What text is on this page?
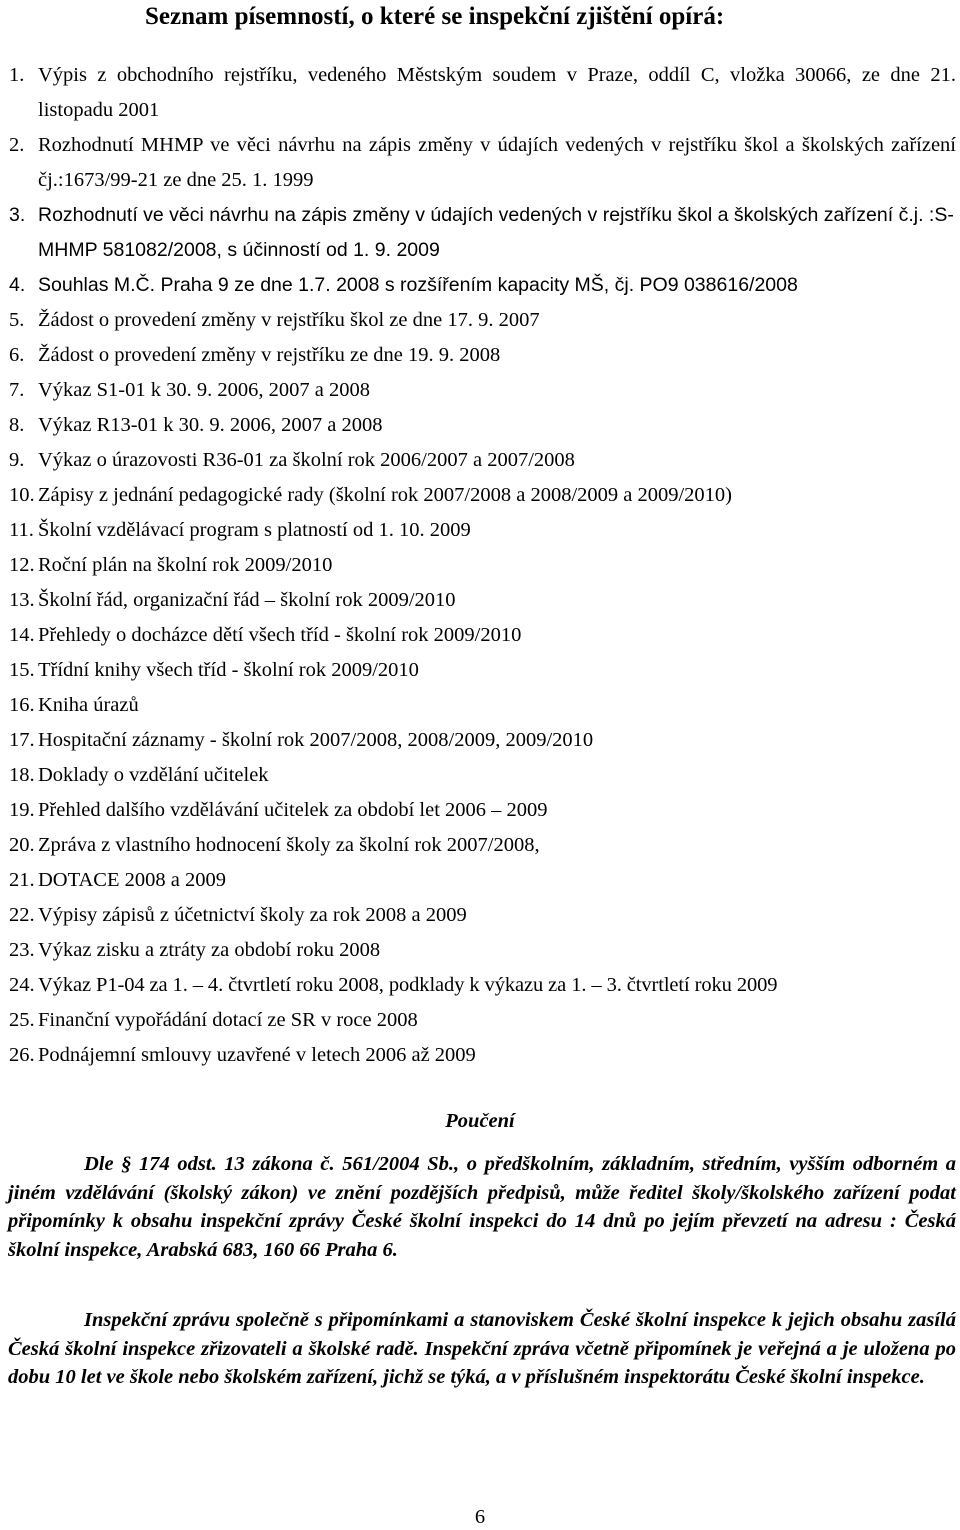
Seznam písemností, o které se inspekční zjištění opírá:
1. Výpis z obchodního rejstříku, vedeného Městským soudem v Praze, oddíl C, vložka 30066, ze dne 21. listopadu 2001
2. Rozhodnutí MHMP ve věci návrhu na zápis změny v údajích vedených v rejstříku škol a školských zařízení čj.:1673/99-21 ze dne 25. 1. 1999
3. Rozhodnutí ve věci návrhu na zápis změny v údajích vedených v rejstříku škol a školských zařízení č.j. :S-MHMP 581082/2008, s účinností od 1. 9. 2009
4. Souhlas M.Č. Praha 9 ze dne 1.7. 2008 s rozšířením kapacity MŠ, čj. PO9 038616/2008
5. Žádost o provedení změny v rejstříku škol ze dne 17. 9. 2007
6. Žádost o provedení změny v rejstříku ze dne 19. 9. 2008
7. Výkaz S1-01 k 30. 9. 2006, 2007 a 2008
8. Výkaz R13-01 k 30. 9. 2006, 2007 a 2008
9. Výkaz o úrazovosti R36-01 za školní rok 2006/2007 a 2007/2008
10. Zápisy z jednání pedagogické rady (školní rok 2007/2008 a 2008/2009 a 2009/2010)
11. Školní vzdělávací program s platností od 1. 10. 2009
12. Roční plán na školní rok 2009/2010
13. Školní řád, organizační řád – školní rok 2009/2010
14. Přehledy o docházce dětí všech tříd - školní rok 2009/2010
15. Třídní knihy všech tříd - školní rok 2009/2010
16. Kniha úrazů
17. Hospitační záznamy - školní rok 2007/2008, 2008/2009, 2009/2010
18. Doklady o vzdělání učitelek
19. Přehled dalšího vzdělávání učitelek za období let 2006 – 2009
20. Zpráva z vlastního hodnocení školy za školní rok 2007/2008,
21. DOTACE 2008 a 2009
22. Výpisy zápisů z účetnictví školy za rok 2008 a 2009
23. Výkaz zisku a ztráty za období roku 2008
24. Výkaz P1-04 za 1. – 4. čtvrtletí roku 2008, podklady k výkazu za 1. – 3. čtvrtletí roku 2009
25. Finanční vypořádání dotací ze SR v roce 2008
26. Podnájemní smlouvy uzavřené v letech 2006 až 2009
Poučení
Dle § 174 odst. 13 zákona č. 561/2004 Sb., o předškolním, základním, středním, vyšším odborném a jiném vzdělávání (školský zákon) ve znění pozdějších předpisů, může ředitel školy/školského zařízení podat připomínky k obsahu inspekční zprávy České školní inspekci do 14 dnů po jejím převzetí na adresu : Česká školní inspekce, Arabská 683, 160 66 Praha 6.
Inspekční zprávu společně s připomínkami a stanoviskem České školní inspekce k jejich obsahu zasílá Česká školní inspekce zřizovateli a školské radě. Inspekční zpráva včetně připomínek je veřejná a je uložena po dobu 10 let ve škole nebo školském zařízení, jichž se týká, a v příslušném inspektorátu České školní inspekce.
6
